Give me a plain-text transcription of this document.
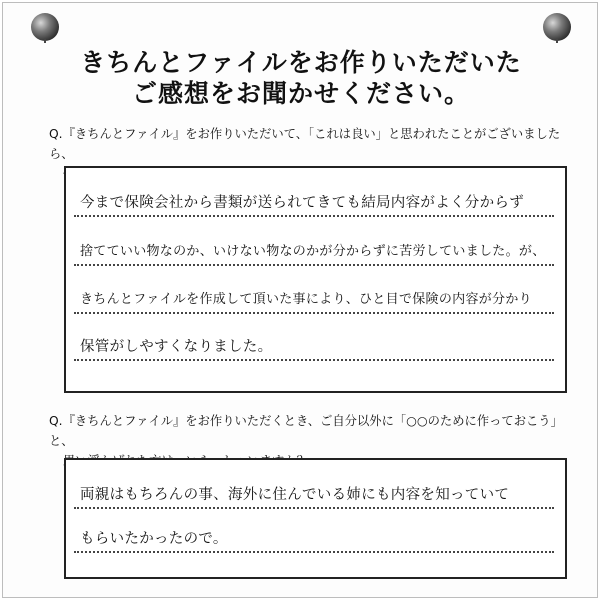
きちんとファイルをお作りいただいた
ご感想をお聞かせください。
Q.『きちんとファイル』をお作りいただいて、「これは良い」と思われたことがございましたら、
今まで保険会社から書類が送られてきても結局内容がよく分からず
捨てていい物なのか、いけない物なのかが分からずに苦労していました。が、
きちんとファイルを作成して頂いた事により、ひと目で保険の内容が分かり
保管がしやすくなりました。
Q.『きちんとファイル』をお作りいただくとき、ご自分以外に「○○のために作っておこう」と、
両親はもちろんの事、海外に住んでいる姉にも内容を知っていて
もらいたかったので。
